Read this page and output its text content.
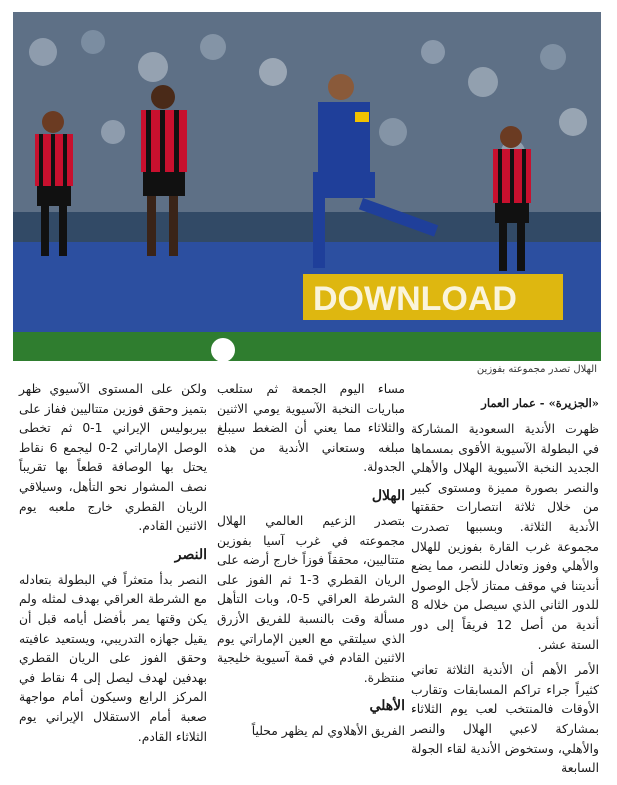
DOWNLOAD
الهلال تصدر مجموعته بفوزين
«الجزيرة» - عمار العمار

ظهرت الأندية السعودية المشاركة في البطولة الآسيوية الأقوى بمسماها الجديد النخبة الآسيوية الهلال والأهلي والنصر بصورة مميزة ومستوى كبير من خلال ثلاثة انتصارات حققتها الأندية الثلاثة. وبسببها تصدرت مجموعة غرب القارة بفوزين للهلال والأهلي وفوز وتعادل للنصر، مما يضع أنديتنا في موقف ممتاز لأجل الوصول للدور الثاني الذي سيصل من خلاله 8 أندية من أصل 12 فريقاً إلى دور الستة عشر.

الأمر الأهم أن الأندية الثلاثة تعاني كثيراً جراء تراكم المسابقات وتقارب الأوقات فالمنتخب لعب يوم الثلاثاء بمشاركة لاعبي الهلال والنصر والأهلي، وستخوض الأندية لقاء الجولة السابعة

مساء اليوم الجمعة ثم ستلعب مباريات النخبة الآسيوية يومي الاثنين والثلاثاء مما يعني أن الضغط سيبلغ مبلغه وستعاني الأندية من هذه الجدولة.

الهلال

بتصدر الزعيم العالمي الهلال مجموعته في غرب آسيا بفوزين متتاليين، محققاً فوزاً خارج أرضه على الريان القطري 3-1 ثم الفوز على الشرطة العراقي 5-0، وبات التأهل مسألة وقت بالنسبة للفريق الأزرق الذي سيلتقي مع العين الإماراتي يوم الاثنين القادم في قمة آسيوية خليجية منتظرة.

الأهلي

الفريق الأهلاوي لم يظهر محلياً

ولكن على المستوى الآسيوي ظهر بتميز وحقق فوزين متتاليين ففاز على بيربوليس الإيراني 1-0 ثم تخطى الوصل الإماراتي 2-0 ليجمع 6 نقاط يحتل بها الوصافة قطعاً بها تقريباً نصف المشوار نحو التأهل، وسيلاقي الريان القطري خارج ملعبه يوم الاثنين القادم.

النصر

النصر بدأ متعثراً في البطولة بتعادله مع الشرطة العراقي بهدف لمثله ولم يكن وقتها يمر بأفضل أيامه قبل أن يقيل جهازه التدريبي، ويستعيد عافيته وحقق الفوز على الريان القطري بهدفين لهدف ليصل إلى 4 نقاط في المركز الرابع وسيكون أمام مواجهة صعبة أمام الاستقلال الإيراني يوم الثلاثاء القادم.
